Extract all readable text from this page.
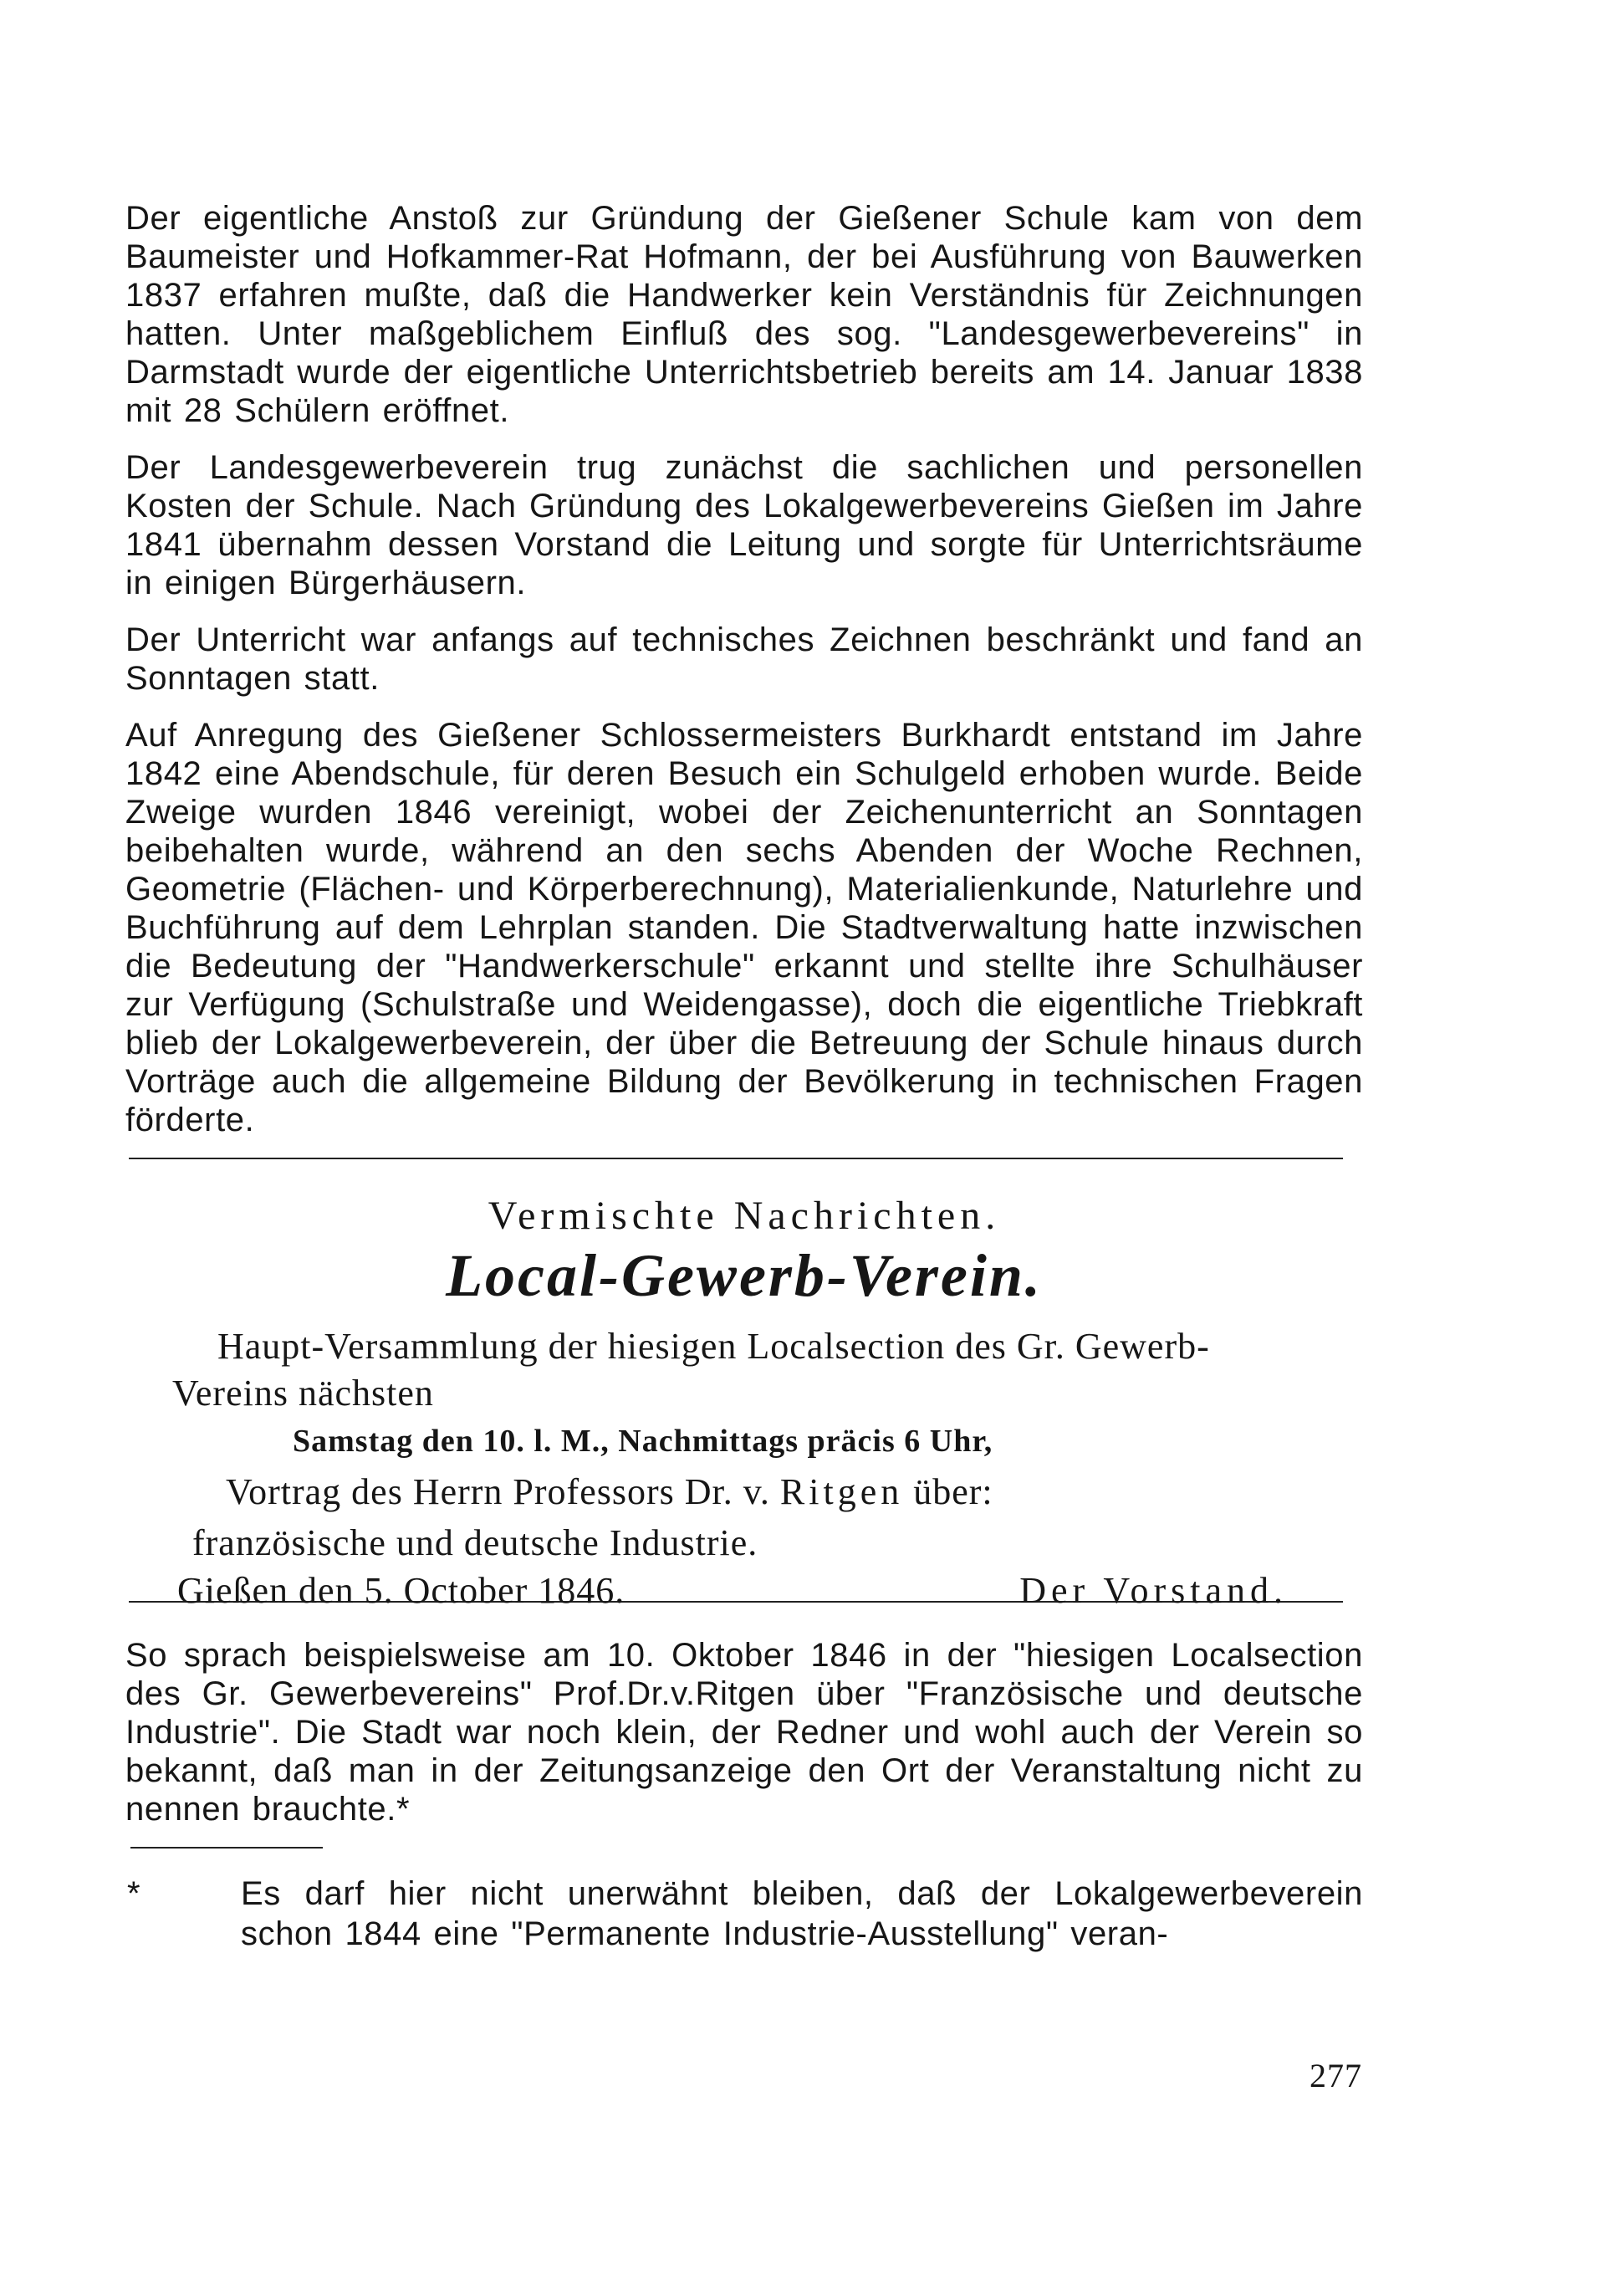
Der eigentliche Anstoß zur Gründung der Gießener Schule kam von dem Baumeister und Hofkammer-Rat Hofmann, der bei Ausführung von Bauwerken 1837 erfahren mußte, daß die Handwerker kein Verständnis für Zeichnungen hatten. Unter maßgeblichem Einfluß des sog. "Landesgewerbevereins" in Darmstadt wurde der eigentliche Unterrichtsbetrieb bereits am 14. Januar 1838 mit 28 Schülern eröffnet.

Der Landesgewerbeverein trug zunächst die sachlichen und personellen Kosten der Schule. Nach Gründung des Lokalgewerbevereins Gießen im Jahre 1841 übernahm dessen Vorstand die Leitung und sorgte für Unterrichtsräume in einigen Bürgerhäusern.

Der Unterricht war anfangs auf technisches Zeichnen beschränkt und fand an Sonntagen statt.

Auf Anregung des Gießener Schlossermeisters Burkhardt entstand im Jahre 1842 eine Abendschule, für deren Besuch ein Schulgeld erhoben wurde. Beide Zweige wurden 1846 vereinigt, wobei der Zeichenunterricht an Sonntagen beibehalten wurde, während an den sechs Abenden der Woche Rechnen, Geometrie (Flächen- und Körperberechnung), Materialienkunde, Naturlehre und Buchführung auf dem Lehrplan standen. Die Stadtverwaltung hatte inzwischen die Bedeutung der "Handwerkerschule" erkannt und stellte ihre Schulhäuser zur Verfügung (Schulstraße und Weidengasse), doch die eigentliche Triebkraft blieb der Lokalgewerbeverein, der über die Betreuung der Schule hinaus durch Vorträge auch die allgemeine Bildung der Bevölkerung in technischen Fragen förderte.

Vermischte Nachrichten.
Local-Gewerb-Verein.
Haupt-Versammlung der hiesigen Localsection des Gr. Gewerb-
Vereins nächsten
Samstag den 10. l. M., Nachmittags präcis 6 Uhr,
Vortrag des Herrn Professors Dr. v. Ritgen über:
französische und deutsche Industrie.
Gießen den 5. October 1846.	Der Vorstand.

So sprach beispielsweise am 10. Oktober 1846 in der "hiesigen Localsection des Gr. Gewerbevereins" Prof.Dr.v.Ritgen über "Französische und deutsche Industrie". Die Stadt war noch klein, der Redner und wohl auch der Verein so bekannt, daß man in der Zeitungsanzeige den Ort der Veranstaltung nicht zu nennen brauchte.*

*	Es darf hier nicht unerwähnt bleiben, daß der Lokalgewerbeverein schon 1844 eine "Permanente Industrie-Ausstellung" veran-
277
